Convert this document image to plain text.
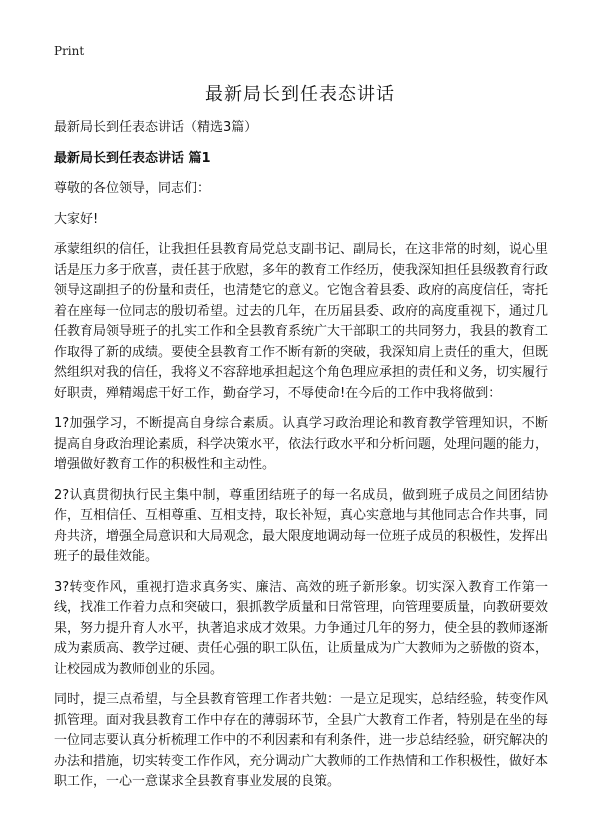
Print
最新局长到任表态讲话
最新局长到任表态讲话（精选3篇）
最新局长到任表态讲话 篇1
尊敬的各位领导，同志们：
大家好!
承蒙组织的信任，让我担任县教育局党总支副书记、副局长，在这非常的时刻，说心里话是压力多于欣喜，责任甚于欣慰，多年的教育工作经历，使我深知担任县级教育行政领导这副担子的份量和责任，也清楚它的意义。它饱含着县委、政府的高度信任，寄托着在座每一位同志的殷切希望。过去的几年，在历届县委、政府的高度重视下，通过几任教育局领导班子的扎实工作和全县教育系统广大干部职工的共同努力，我县的教育工作取得了新的成绩。要使全县教育工作不断有新的突破，我深知肩上责任的重大，但既然组织对我的信任，我将义不容辞地承担起这个角色理应承担的责任和义务，切实履行好职责，殚精竭虑干好工作，勤奋学习，不辱使命!在今后的工作中我将做到：
1?加强学习，不断提高自身综合素质。认真学习政治理论和教育教学管理知识，不断提高自身政治理论素质，科学决策水平，依法行政水平和分析问题，处理问题的能力，增强做好教育工作的积极性和主动性。
2?认真贯彻执行民主集中制，尊重团结班子的每一名成员，做到班子成员之间团结协作，互相信任、互相尊重、互相支持，取长补短，真心实意地与其他同志合作共事，同舟共济，增强全局意识和大局观念，最大限度地调动每一位班子成员的积极性，发挥出班子的最佳效能。
3?转变作风，重视打造求真务实、廉洁、高效的班子新形象。切实深入教育工作第一线，找准工作着力点和突破口，狠抓教学质量和日常管理，向管理要质量，向教研要效果，努力提升育人水平，执著追求成才效果。力争通过几年的努力，使全县的教师逐渐成为素质高、教学过硬、责任心强的职工队伍，让质量成为广大教师为之骄傲的资本，让校园成为教师创业的乐园。
同时，提三点希望，与全县教育管理工作者共勉：一是立足现实，总结经验，转变作风抓管理。面对我县教育工作中存在的薄弱环节，全县广大教育工作者，特别是在坐的每一位同志要认真分析梳理工作中的不利因素和有利条件，进一步总结经验，研究解决的办法和措施，切实转变工作作风，充分调动广大教师的工作热情和工作积极性，做好本职工作，一心一意谋求全县教育事业发展的良策。
